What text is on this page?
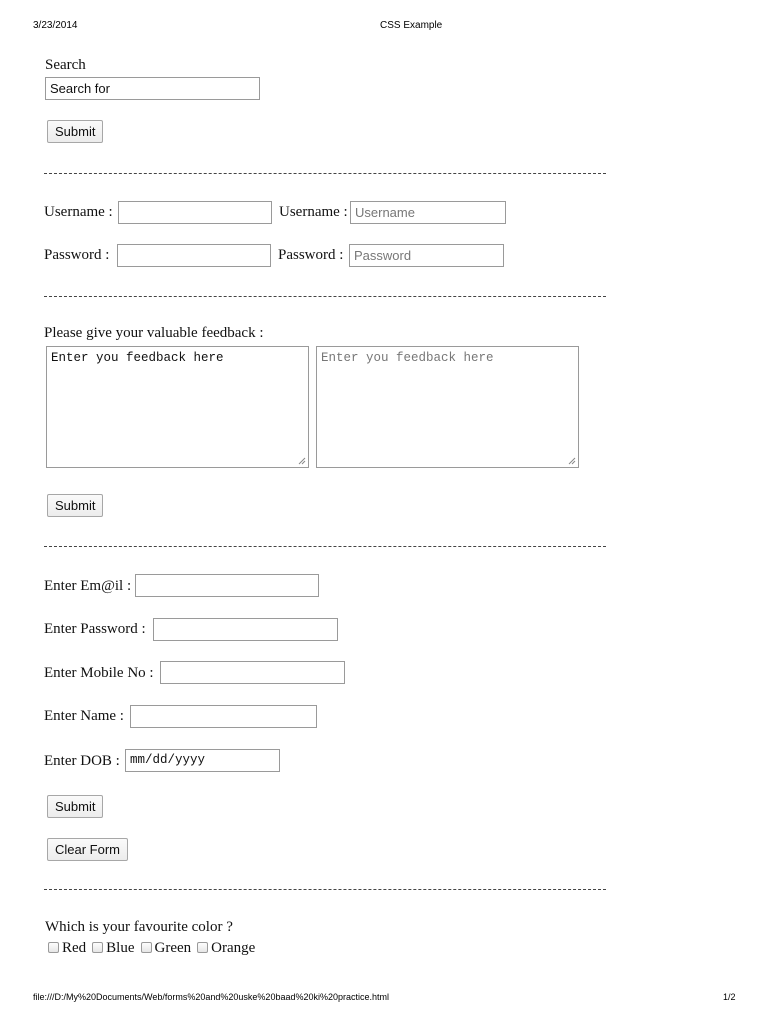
3/23/2014	CSS Example
Search
Search for
Submit
Username :	Username : Username
Password :	Password : Password
Please give your valuable feedback :
Enter you feedback here	Enter you feedback here
Submit
Enter Em@il :
Enter Password :
Enter Mobile No :
Enter Name :
Enter DOB : mm/dd/yyyy
Submit
Clear Form
Which is your favourite color ?
Red Blue Green Orange
file:///D:/My%20Documents/Web/forms%20and%20uske%20baad%20ki%20practice.html	1/2
